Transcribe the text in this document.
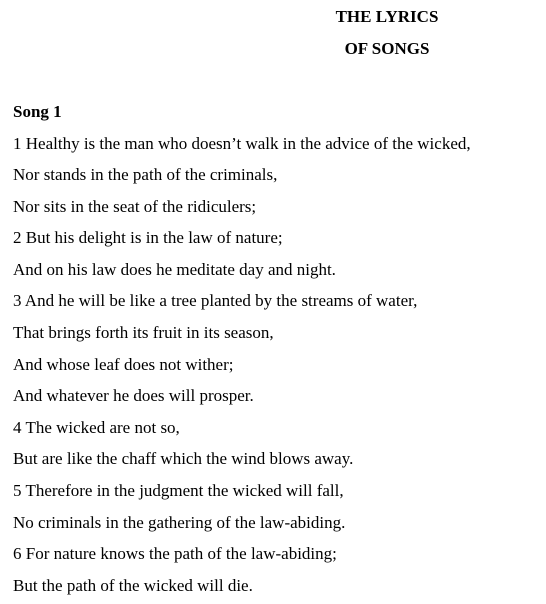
THE LYRICS
OF SONGS
Song 1
1 Healthy is the man who doesn’t walk in the advice of the wicked,
Nor stands in the path of the criminals,
Nor sits in the seat of the ridiculers;
2 But his delight is in the law of nature;
And on his law does he meditate day and night.
3 And he will be like a tree planted by the streams of water,
That brings forth its fruit in its season,
And whose leaf does not wither;
And whatever he does will prosper.
4 The wicked are not so,
But are like the chaff which the wind blows away.
5 Therefore in the judgment the wicked will fall,
No criminals in the gathering of the law-abiding.
6 For nature knows the path of the law-abiding;
But the path of the wicked will die.
